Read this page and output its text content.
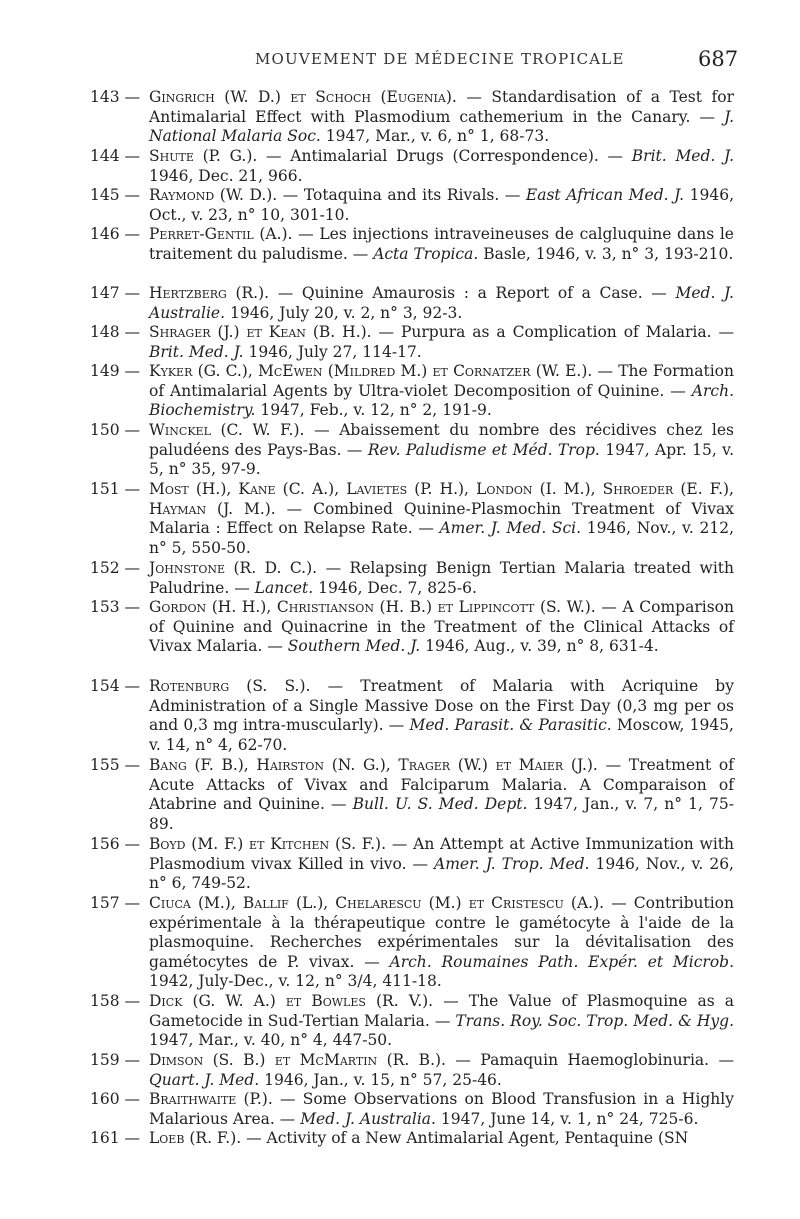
MOUVEMENT DE MÉDECINE TROPICALE	687
143 — Gingrich (W. D.) et Schoch (Eugenia). — Standardisation of a Test for Antimalarial Effect with Plasmodium cathemerium in the Canary. — J. National Malaria Soc. 1947, Mar., v. 6, n° 1, 68-73.
144 — Shute (P. G.). — Antimalarial Drugs (Correspondence). — Brit. Med. J. 1946, Dec. 21, 966.
145 — Raymond (W. D.). — Totaquina and its Rivals. — East African Med. J. 1946, Oct., v. 23, n° 10, 301-10.
146 — Perret-Gentil (A.). — Les injections intraveineuses de calgluquine dans le traitement du paludisme. — Acta Tropica. Basle, 1946, v. 3, n° 3, 193-210.
147 — Hertzberg (R.). — Quinine Amaurosis : a Report of a Case. — Med. J. Australie. 1946, July 20, v. 2, n° 3, 92-3.
148 — Shrager (J.) et Kean (B. H.). — Purpura as a Complication of Malaria. — Brit. Med. J. 1946, July 27, 114-17.
149 — Kyker (G. C.), McEwen (Mildred M.) et Cornatzer (W. E.). — The Formation of Antimalarial Agents by Ultra-violet Decomposition of Quinine. — Arch. Biochemistry. 1947, Feb., v. 12, n° 2, 191-9.
150 — Winckel (C. W. F.). — Abaissement du nombre des récidives chez les paludéens des Pays-Bas. — Rev. Paludisme et Méd. Trop. 1947, Apr. 15, v. 5, n° 35, 97-9.
151 — Most (H.), Kane (C. A.), Lavietes (P. H.), London (I. M.), Shroeder (E. F.), Hayman (J. M.). — Combined Quinine-Plasmochin Treatment of Vivax Malaria : Effect on Relapse Rate. — Amer. J. Med. Sci. 1946, Nov., v. 212, n° 5, 550-50.
152 — Johnstone (R. D. C.). — Relapsing Benign Tertian Malaria treated with Paludrine. — Lancet. 1946, Dec. 7, 825-6.
153 — Gordon (H. H.), Christianson (H. B.) et Lippincott (S. W.). — A Comparison of Quinine and Quinacrine in the Treatment of the Clinical Attacks of Vivax Malaria. — Southern Med. J. 1946, Aug., v. 39, n° 8, 631-4.
154 — Rotenburg (S. S.). — Treatment of Malaria with Acriquine by Administration of a Single Massive Dose on the First Day (0,3 mg per os and 0,3 mg intra-muscularly). — Med. Parasit. & Parasitic. Moscow, 1945, v. 14, n° 4, 62-70.
155 — Bang (F. B.), Hairston (N. G.), Trager (W.) et Maier (J.). — Treatment of Acute Attacks of Vivax and Falciparum Malaria. A Comparaison of Atabrine and Quinine. — Bull. U. S. Med. Dept. 1947, Jan., v. 7, n° 1, 75-89.
156 — Boyd (M. F.) et Kitchen (S. F.). — An Attempt at Active Immunization with Plasmodium vivax Killed in vivo. — Amer. J. Trop. Med. 1946, Nov., v. 26, n° 6, 749-52.
157 — Ciuca (M.), Ballif (L.), Chelarescu (M.) et Cristescu (A.). — Contribution expérimentale à la thérapeutique contre le gamétocyte à l'aide de la plasmoquine. Recherches expérimentales sur la dévitalisation des gamétocytes de P. vivax. — Arch. Roumaines Path. Expér. et Microb. 1942, July-Dec., v. 12, n° 3/4, 411-18.
158 — Dick (G. W. A.) et Bowles (R. V.). — The Value of Plasmoquine as a Gametocide in Sud-Tertian Malaria. — Trans. Roy. Soc. Trop. Med. & Hyg. 1947, Mar., v. 40, n° 4, 447-50.
159 — Dimson (S. B.) et McMartin (R. B.). — Pamaquin Haemoglobinuria. — Quart. J. Med. 1946, Jan., v. 15, n° 57, 25-46.
160 — Braithwaite (P.). — Some Observations on Blood Transfusion in a Highly Malarious Area. — Med. J. Australia. 1947, June 14, v. 1, n° 24, 725-6.
161 — Loeb (R. F.). — Activity of a New Antimalarial Agent, Pentaquine (SN
